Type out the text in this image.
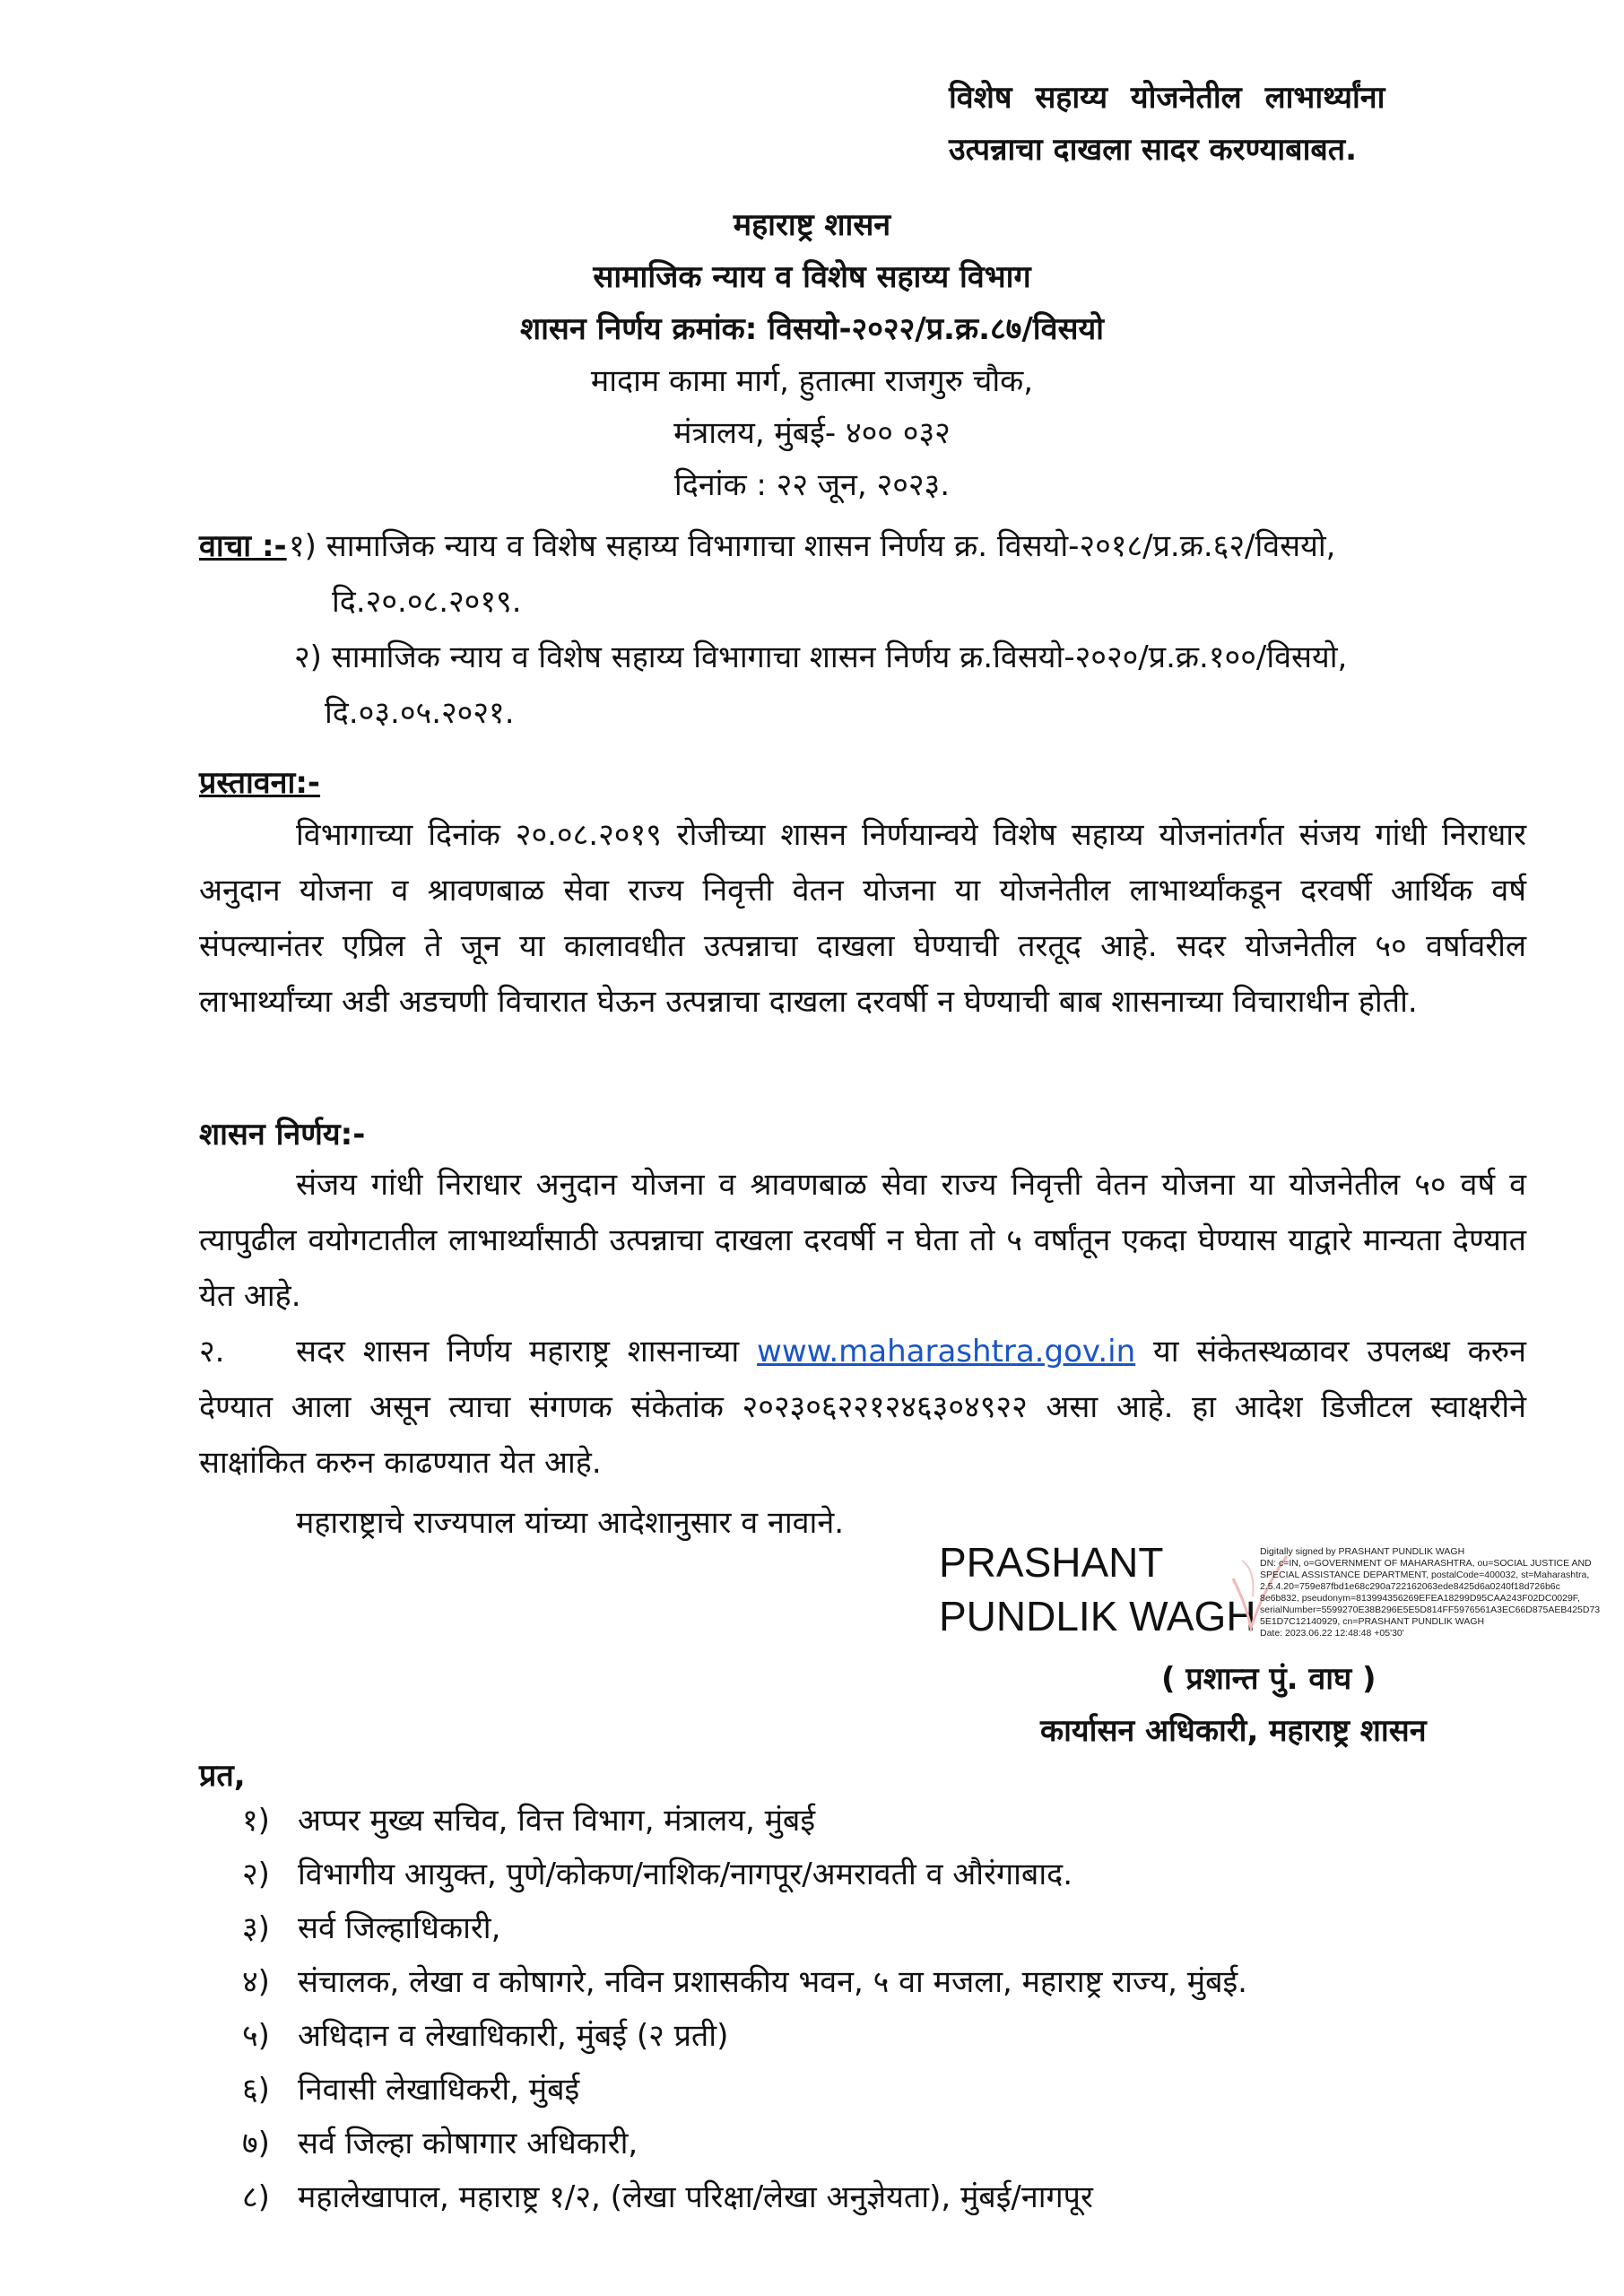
विशेष सहाय्य योजनेतील लाभार्थ्यांना
उत्पन्नाचा दाखला सादर करण्याबाबत.
महाराष्ट्र शासन
सामाजिक न्याय व विशेष सहाय्य विभाग
शासन निर्णय क्रमांक: विसयो-२०२२/प्र.क्र.८७/विसयो
मादाम कामा मार्ग, हुतात्मा राजगुरु चौक,
मंत्रालय, मुंबई- ४०० ०३२
दिनांक : २२ जून, २०२३.
वाचा :- १) सामाजिक न्याय व विशेष सहाय्य विभागाचा शासन निर्णय क्र. विसयो-२०१८/प्र.क्र.६२/विसयो,
दि.२०.०८.२०१९.
२) सामाजिक न्याय व विशेष सहाय्य विभागाचा शासन निर्णय क्र.विसयो-२०२०/प्र.क्र.१००/विसयो,
दि.०३.०५.२०२१.
प्रस्तावना:-
विभागाच्या दिनांक २०.०८.२०१९ रोजीच्या शासन निर्णयान्वये विशेष सहाय्य योजनांतर्गत संजय गांधी निराधार अनुदान योजना व श्रावणबाळ सेवा राज्य निवृत्ती वेतन योजना या योजनेतील लाभार्थ्यांकडून दरवर्षी आर्थिक वर्ष संपल्यानंतर एप्रिल ते जून या कालावधीत उत्पन्नाचा दाखला घेण्याची तरतूद आहे. सदर योजनेतील ५० वर्षावरील लाभार्थ्यांच्या अडी अडचणी विचारात घेऊन उत्पन्नाचा दाखला दरवर्षी न घेण्याची बाब शासनाच्या विचाराधीन होती.
शासन निर्णय:-
संजय गांधी निराधार अनुदान योजना व श्रावणबाळ सेवा राज्य निवृत्ती वेतन योजना या योजनेतील ५० वर्ष व त्यापुढील वयोगटातील लाभार्थ्यांसाठी उत्पन्नाचा दाखला दरवर्षी न घेता तो ५ वर्षांतून एकदा घेण्यास याद्वारे मान्यता देण्यात येत आहे.
२. सदर शासन निर्णय महाराष्ट्र शासनाच्या www.maharashtra.gov.in या संकेतस्थळावर उपलब्ध करुन देण्यात आला असून त्याचा संगणक संकेतांक २०२३०६२२१२४६३०४९२२ असा आहे. हा आदेश डिजीटल स्वाक्षरीने साक्षांकित करुन काढण्यात येत आहे.
महाराष्ट्राचे राज्यपाल यांच्या आदेशानुसार व नावाने.
PRASHANT
PUNDLIK WAGH
Digitally signed by PRASHANT PUNDLIK WAGH
DN: c=IN, o=GOVERNMENT OF MAHARASHTRA, ou=SOCIAL JUSTICE AND
SPECIAL ASSISTANCE DEPARTMENT, postalCode=400032, st=Maharashtra,
2.5.4.20=759e87fbd1e68c290a722162063ede8425d6a0240f18d726b6c
8e6b832, pseudonym=813994356269EFEA18299D95CAA243F02DC0029F,
serialNumber=5599270E38B296E5E5D814FF5976561A3EC66D875AEB425D73
5E1D7C12140929, cn=PRASHANT PUNDLIK WAGH
Date: 2023.06.22 12:48:48 +05'30'
( प्रशान्त पुं. वाघ )
कार्यासन अधिकारी, महाराष्ट्र शासन
प्रत,
१) अप्पर मुख्य सचिव, वित्त विभाग, मंत्रालय, मुंबई
२) विभागीय आयुक्त, पुणे/कोकण/नाशिक/नागपूर/अमरावती व औरंगाबाद.
३) सर्व जिल्हाधिकारी,
४) संचालक, लेखा व कोषागरे, नविन प्रशासकीय भवन, ५ वा मजला, महाराष्ट्र राज्य, मुंबई.
५) अधिदान व लेखाधिकारी, मुंबई (२ प्रती)
६) निवासी लेखाधिकरी, मुंबई
७) सर्व जिल्हा कोषागार अधिकारी,
८) महालेखापाल, महाराष्ट्र १/२, (लेखा परिक्षा/लेखा अनुज्ञेयता), मुंबई/नागपूर
